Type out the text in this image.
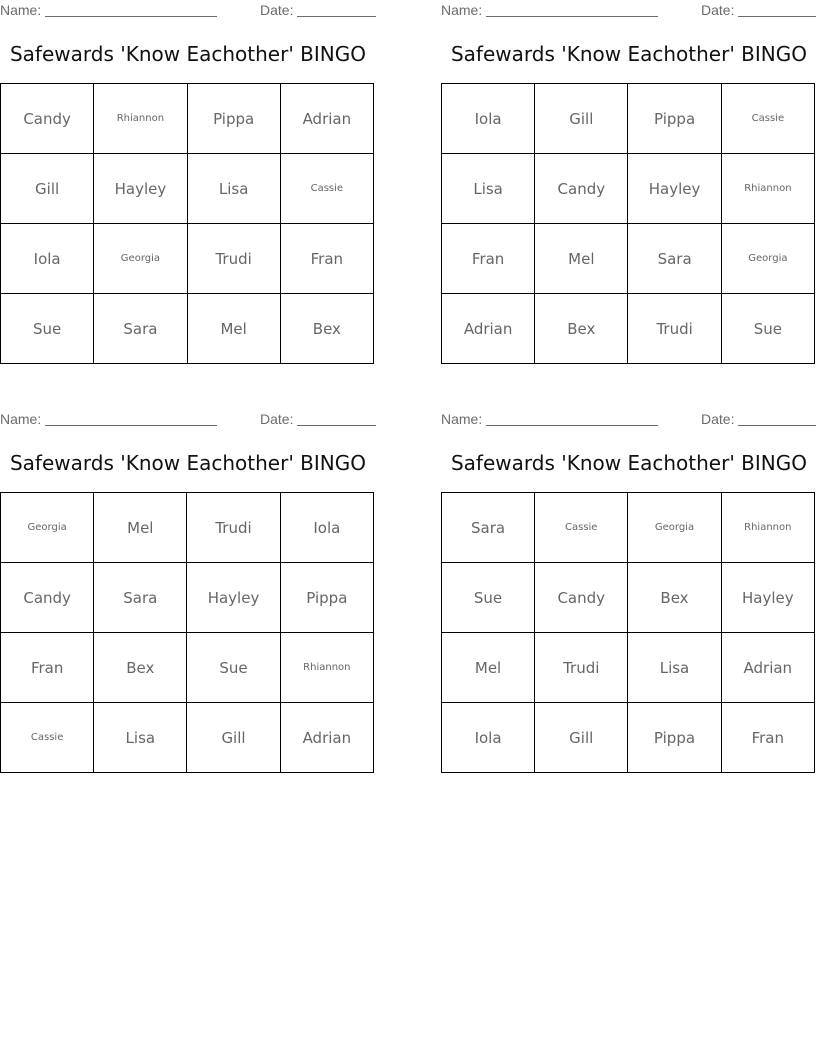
Name:	Date:
Safewards 'Know Eachother' BINGO
Candy	Rhiannon	Pippa	Adrian
Gill	Hayley	Lisa	Cassie
Iola	Georgia	Trudi	Fran
Sue	Sara	Mel	Bex
Name:	Date:
Safewards 'Know Eachother' BINGO
Iola	Gill	Pippa	Cassie
Lisa	Candy	Hayley	Rhiannon
Fran	Mel	Sara	Georgia
Adrian	Bex	Trudi	Sue
Name:	Date:
Safewards 'Know Eachother' BINGO
Georgia	Mel	Trudi	Iola
Candy	Sara	Hayley	Pippa
Fran	Bex	Sue	Rhiannon
Cassie	Lisa	Gill	Adrian
Name:	Date:
Safewards 'Know Eachother' BINGO
Sara	Cassie	Georgia	Rhiannon
Sue	Candy	Bex	Hayley
Mel	Trudi	Lisa	Adrian
Iola	Gill	Pippa	Fran
